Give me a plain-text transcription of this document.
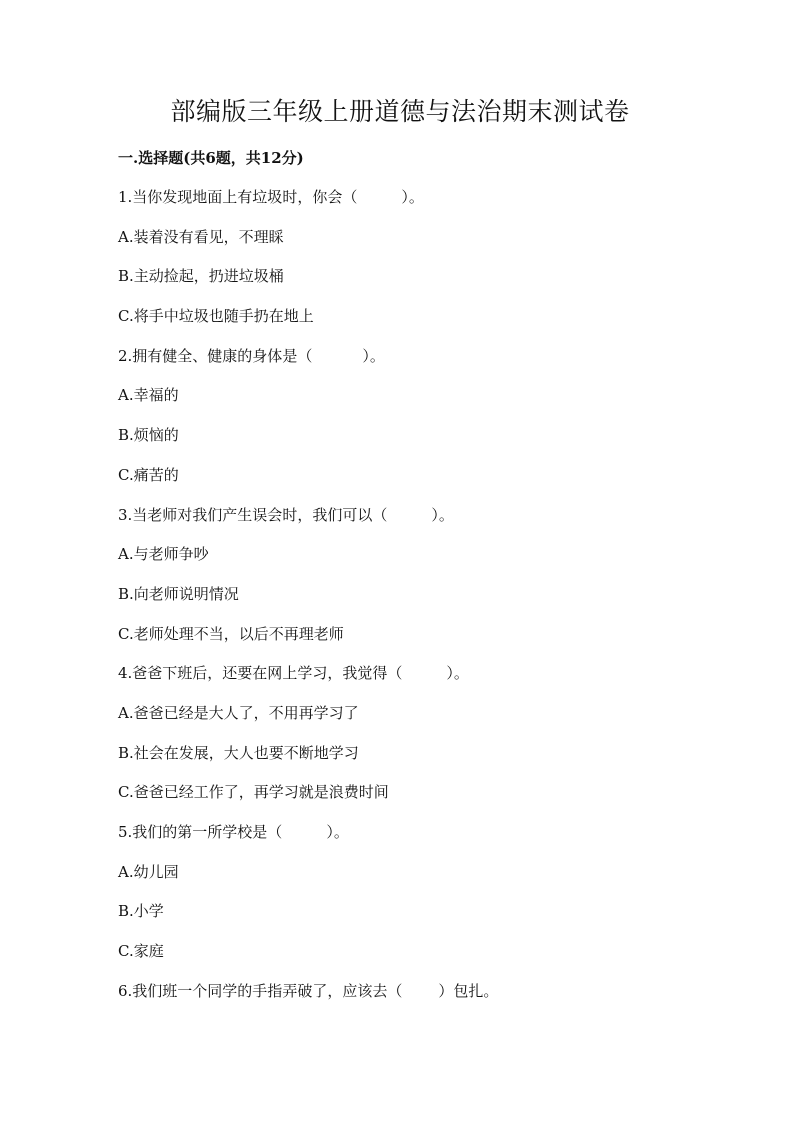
部编版三年级上册道德与法治期末测试卷
一.选择题(共6题，共12分)
1.当你发现地面上有垃圾时，你会（	）。
A.装着没有看见，不理睬
B.主动捡起，扔进垃圾桶
C.将手中垃圾也随手扔在地上
2.拥有健全、健康的身体是（	）。
A.幸福的
B.烦恼的
C.痛苦的
3.当老师对我们产生误会时，我们可以（	）。
A.与老师争吵
B.向老师说明情况
C.老师处理不当，以后不再理老师
4.爸爸下班后，还要在网上学习，我觉得（	）。
A.爸爸已经是大人了，不用再学习了
B.社会在发展，大人也要不断地学习
C.爸爸已经工作了，再学习就是浪费时间
5.我们的第一所学校是（	）。
A.幼儿园
B.小学
C.家庭
6.我们班一个同学的手指弄破了，应该去（ ）包扎。
